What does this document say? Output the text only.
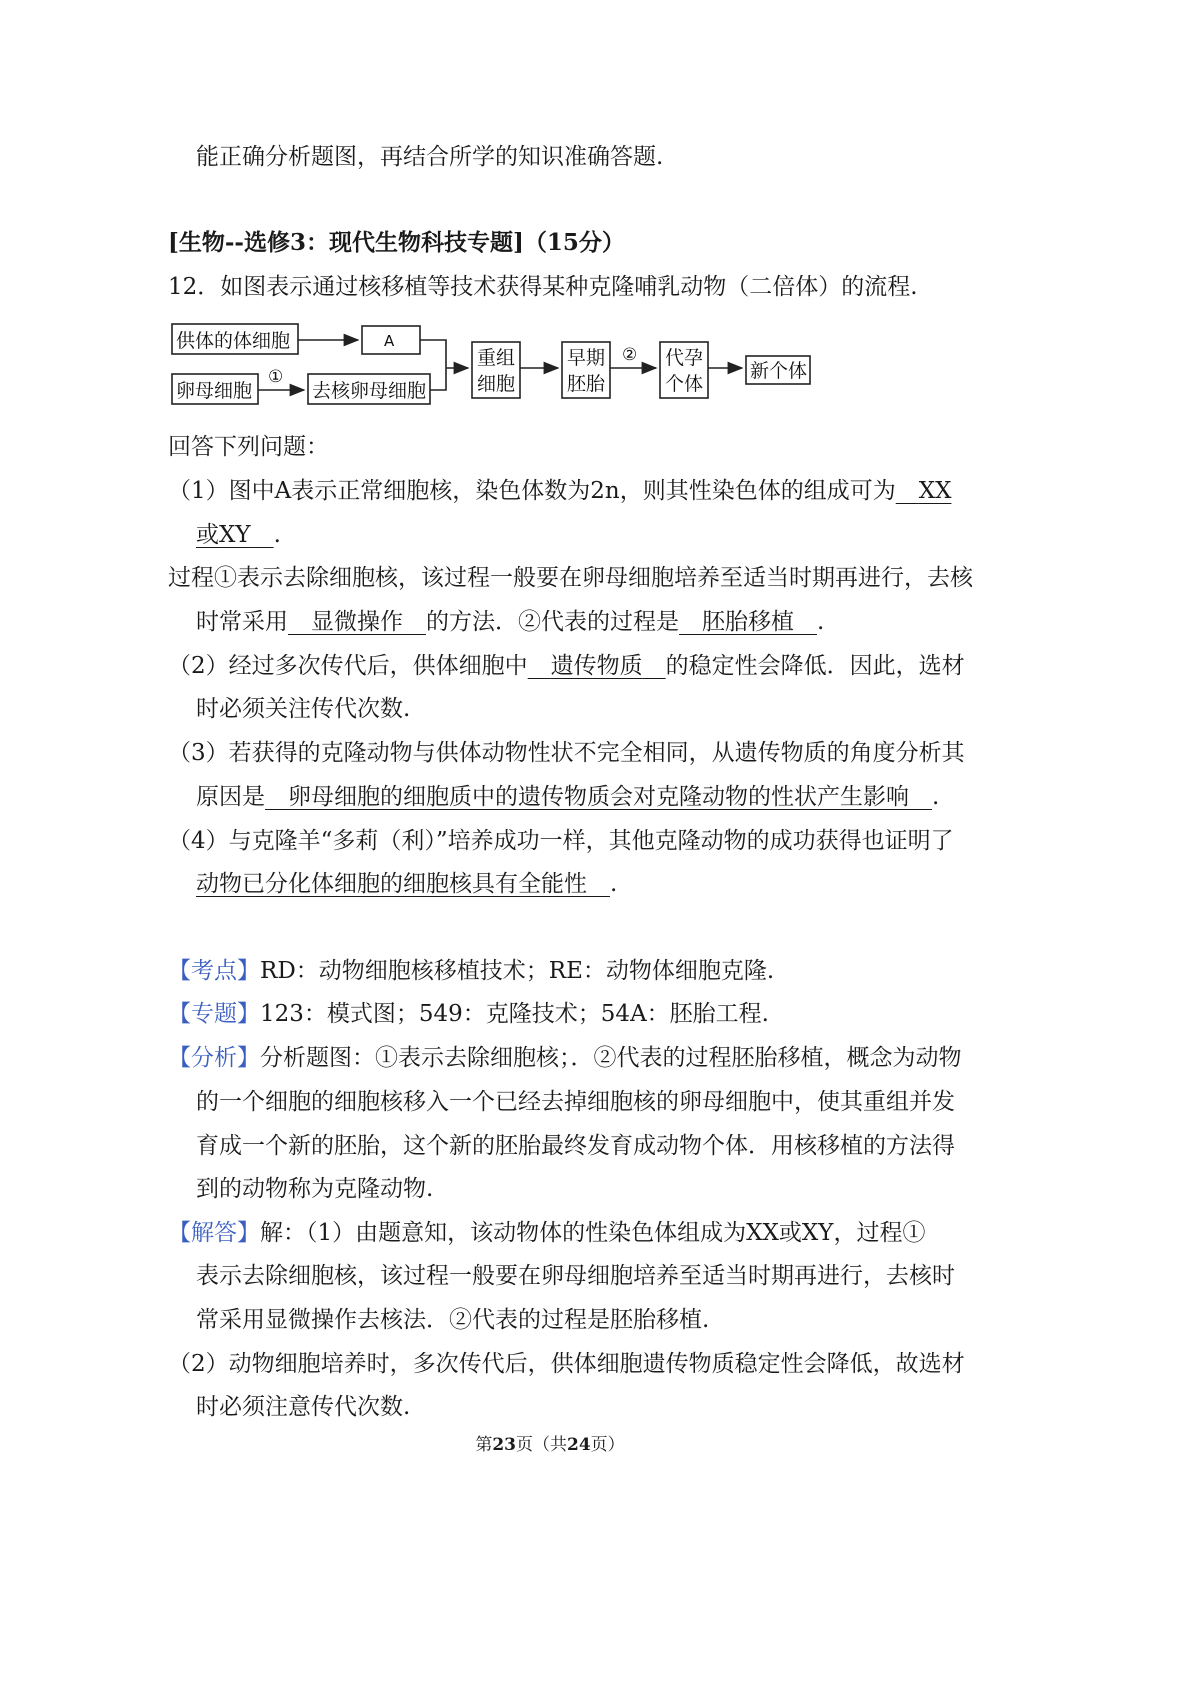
能正确分析题图，再结合所学的知识准确答题.
[生物--选修3：现代生物科技专题]（15分）
12．如图表示通过核移植等技术获得某种克隆哺乳动物（二倍体）的流程.
供体的体细胞	A
卵母细胞
①
去核卵母细胞
重组
细胞
早期
胚胎
② 代孕
个体
新个体
回答下列问题：
（1）图中A表示正常细胞核，染色体数为2n，则其性染色体的组成可为  XX
或XY  .
过程①表示去除细胞核，该过程一般要在卵母细胞培养至适当时期再进行，去核
时常采用  显微操作  的方法．②代表的过程是  胚胎移植  .
（2）经过多次传代后，供体细胞中  遗传物质  的稳定性会降低．因此，选材
时必须关注传代次数.
（3）若获得的克隆动物与供体动物性状不完全相同，从遗传物质的角度分析其
原因是  卵母细胞的细胞质中的遗传物质会对克隆动物的性状产生影响  .
（4）与克隆羊“多莉（利）”培养成功一样，其他克隆动物的成功获得也证明了
动物已分化体细胞的细胞核具有全能性  .
【考点】RD：动物细胞核移植技术；RE：动物体细胞克隆.
【专题】123：模式图；549：克隆技术；54A：胚胎工程.
【分析】分析题图：①表示去除细胞核；．②代表的过程胚胎移植，概念为动物
的一个细胞的细胞核移入一个已经去掉细胞核的卵母细胞中，使其重组并发
育成一个新的胚胎，这个新的胚胎最终发育成动物个体．用核移植的方法得
到的动物称为克隆动物.
【解答】解：（1）由题意知，该动物体的性染色体组成为XX或XY，过程①
表示去除细胞核，该过程一般要在卵母细胞培养至适当时期再进行，去核时
常采用显微操作去核法．②代表的过程是胚胎移植.
（2）动物细胞培养时，多次传代后，供体细胞遗传物质稳定性会降低，故选材
时必须注意传代次数.
第23页（共24页）
